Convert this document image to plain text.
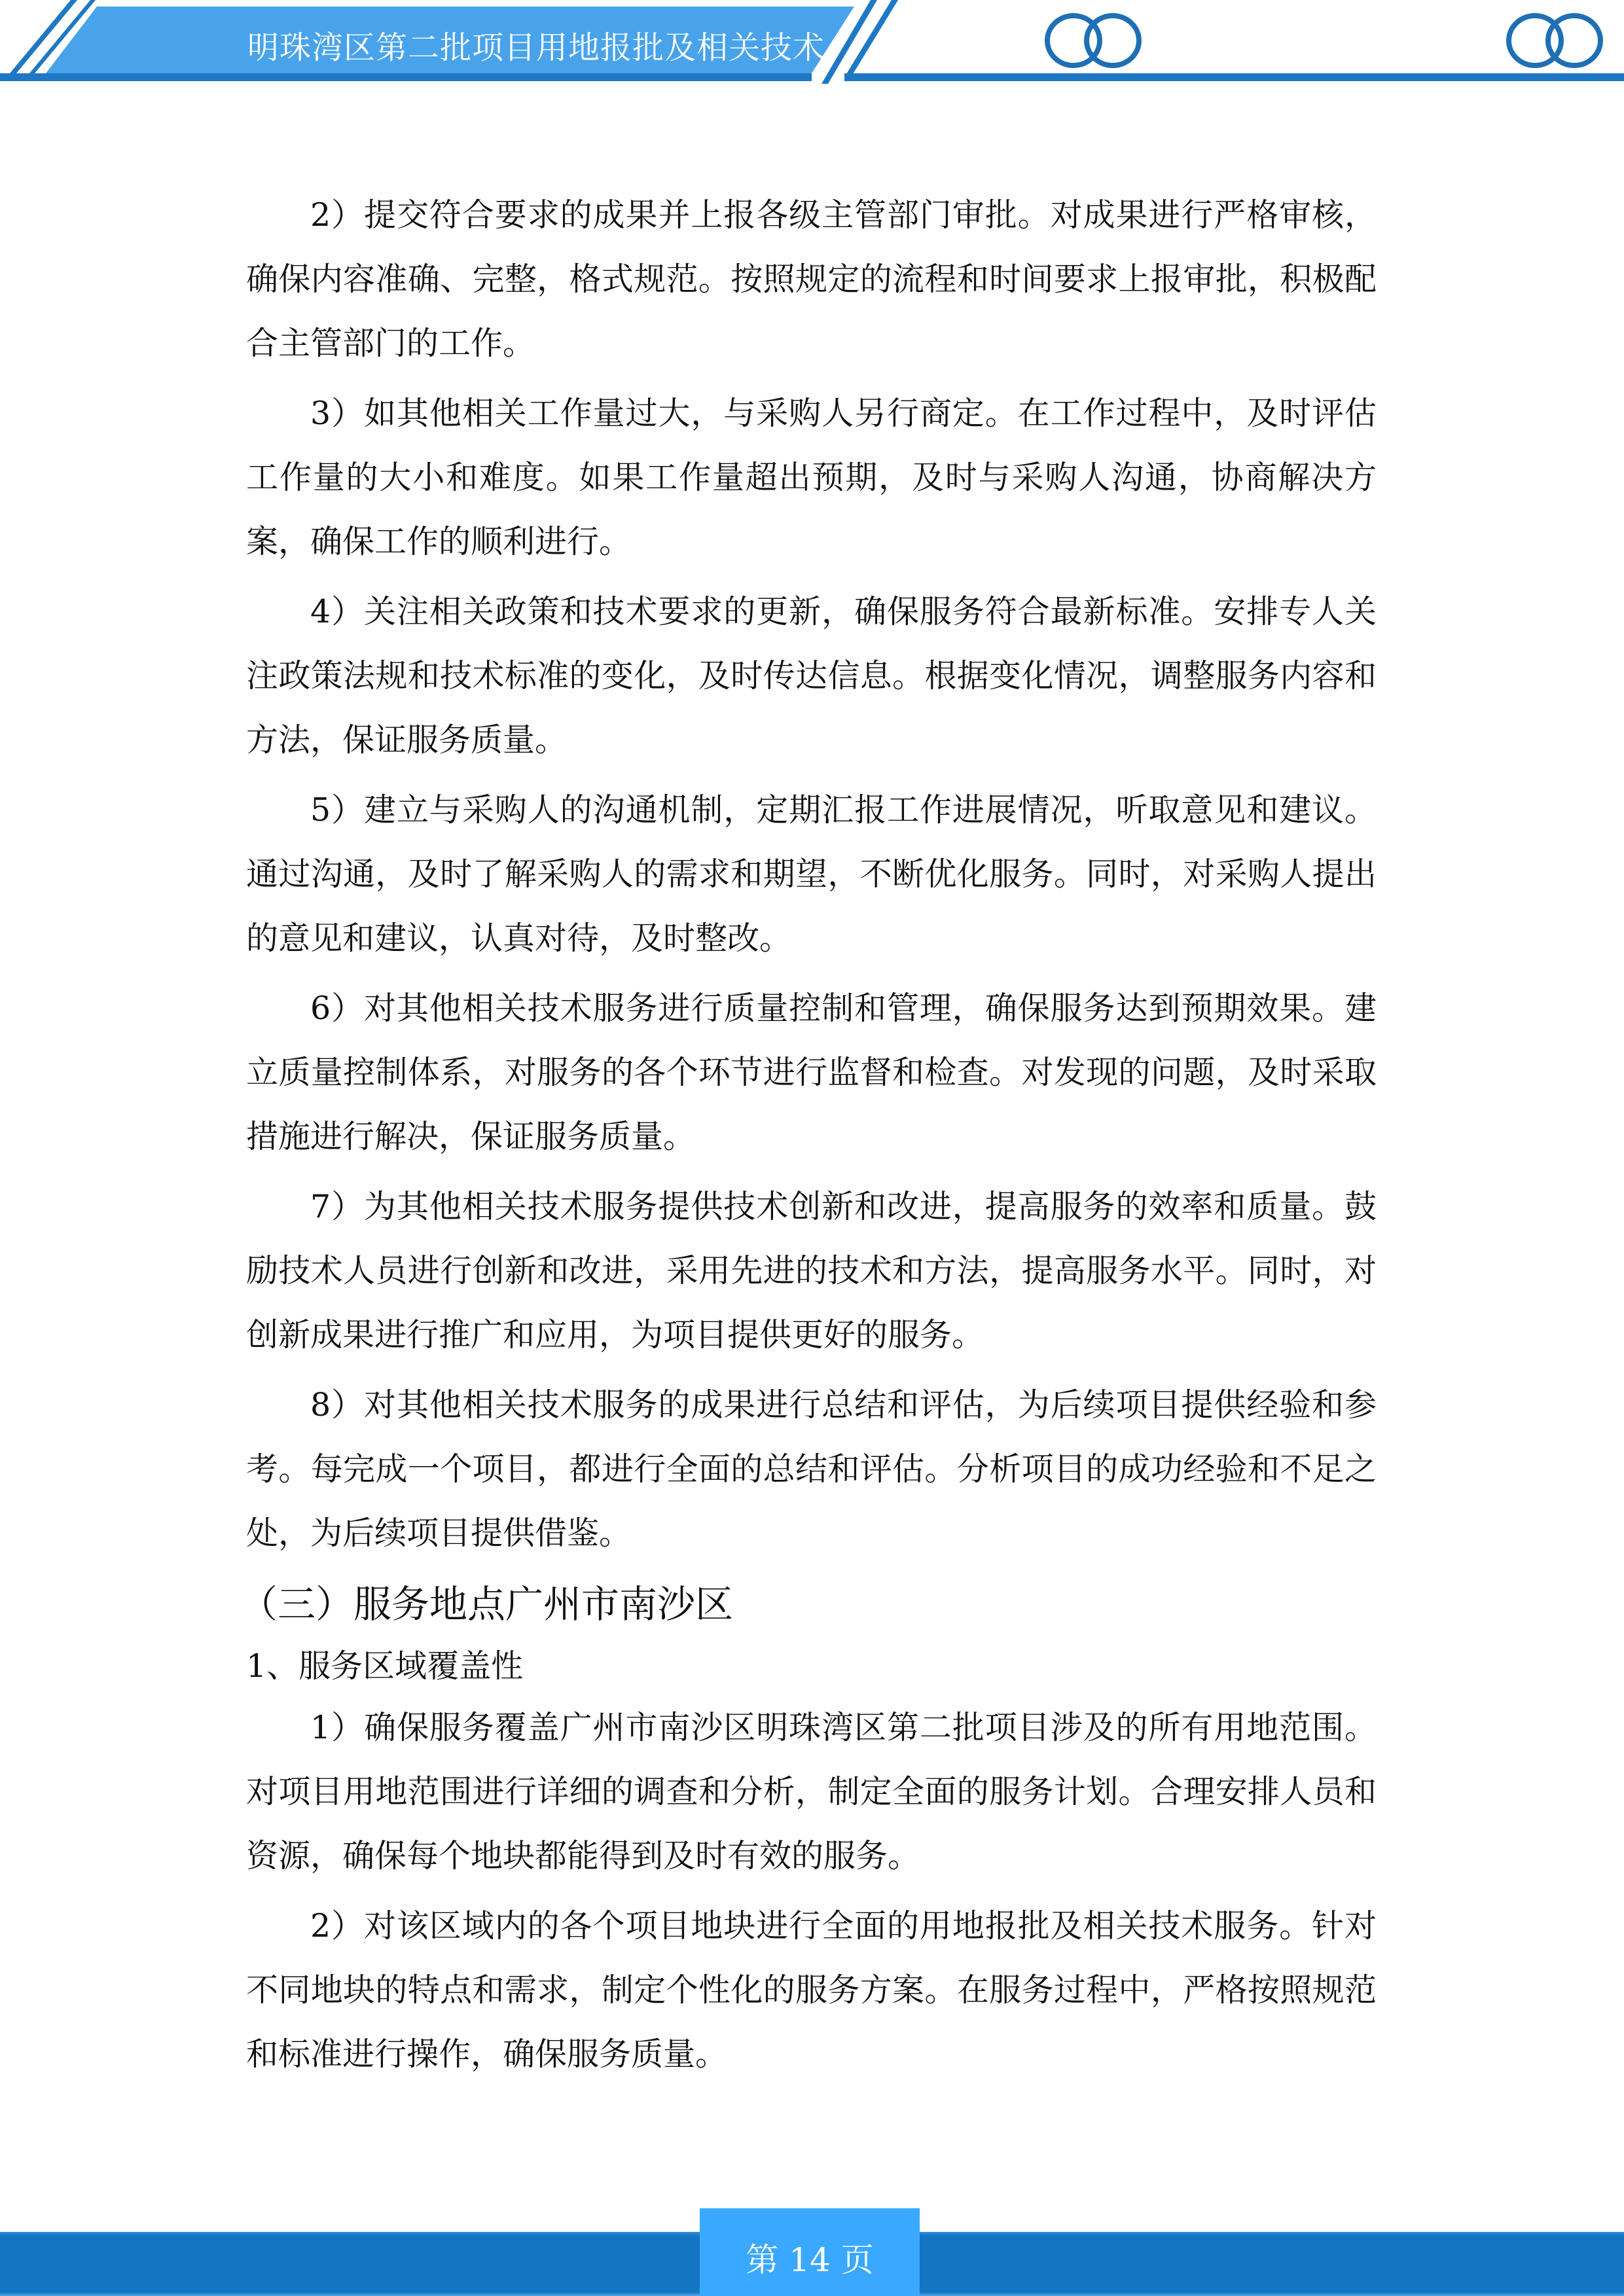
明珠湾区第二批项目用地报批及相关技术

2）提交符合要求的成果并上报各级主管部门审批。对成果进行严格审核，确保内容准确、完整，格式规范。按照规定的流程和时间要求上报审批，积极配合主管部门的工作。

3）如其他相关工作量过大，与采购人另行商定。在工作过程中，及时评估工作量的大小和难度。如果工作量超出预期，及时与采购人沟通，协商解决方案，确保工作的顺利进行。

4）关注相关政策和技术要求的更新，确保服务符合最新标准。安排专人关注政策法规和技术标准的变化，及时传达信息。根据变化情况，调整服务内容和方法，保证服务质量。

5）建立与采购人的沟通机制，定期汇报工作进展情况，听取意见和建议。通过沟通，及时了解采购人的需求和期望，不断优化服务。同时，对采购人提出的意见和建议，认真对待，及时整改。

6）对其他相关技术服务进行质量控制和管理，确保服务达到预期效果。建立质量控制体系，对服务的各个环节进行监督和检查。对发现的问题，及时采取措施进行解决，保证服务质量。

7）为其他相关技术服务提供技术创新和改进，提高服务的效率和质量。鼓励技术人员进行创新和改进，采用先进的技术和方法，提高服务水平。同时，对创新成果进行推广和应用，为项目提供更好的服务。

8）对其他相关技术服务的成果进行总结和评估，为后续项目提供经验和参考。每完成一个项目，都进行全面的总结和评估。分析项目的成功经验和不足之处，为后续项目提供借鉴。

（三）服务地点广州市南沙区
1、服务区域覆盖性

1）确保服务覆盖广州市南沙区明珠湾区第二批项目涉及的所有用地范围。对项目用地范围进行详细的调查和分析，制定全面的服务计划。合理安排人员和资源，确保每个地块都能得到及时有效的服务。

2）对该区域内的各个项目地块进行全面的用地报批及相关技术服务。针对不同地块的特点和需求，制定个性化的服务方案。在服务过程中，严格按照规范和标准进行操作，确保服务质量。

第 14 页
